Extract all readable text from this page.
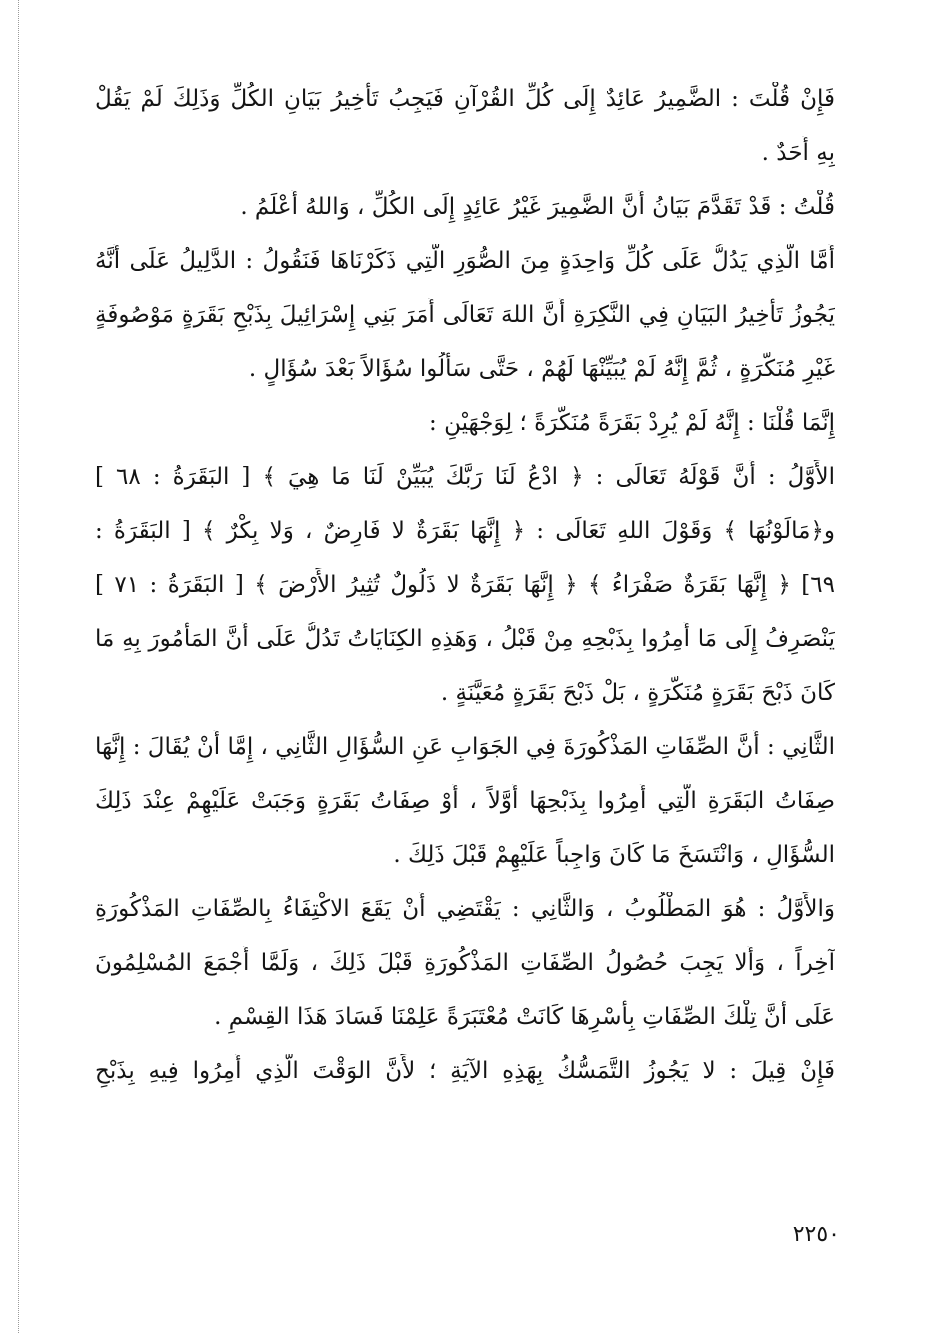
فَإِنْ قُلْتَ : الضَّمِيرُ عَائِدٌ إِلَى كُلِّ القُرْآنِ فَيَجِبُ تَأْخِيرُ بَيَانِ الكُلِّ وَذَلِكَ لَمْ يَقُلْ
بِهِ أَحَدٌ .
قُلْتُ : قَدْ تَقَدَّمَ بَيَانُ أَنَّ الضَّمِيرَ غَيْرُ عَائِدٍ إِلَى الكُلِّ ، وَاللهُ أَعْلَمُ .
أَمَّا الَّذِي يَدُلُّ عَلَى كُلِّ وَاحِدَةٍ مِنَ الصُّوَرِ الَّتِي ذَكَرْنَاهَا فَنَقُولُ : الدَّلِيلُ عَلَى أَنَّهُ
يَجُوزُ تَأْخِيرُ البَيَانِ فِي النَّكِرَةِ أَنَّ اللهَ تَعَالَى أَمَرَ بَنِي إِسْرَائِيلَ بِذَبْحِ بَقَرَةٍ مَوْصُوفَةٍ
غَيْرِ مُنَكَّرَةٍ ، ثُمَّ إِنَّهُ لَمْ يُبَيِّنْهَا لَهُمْ ، حَتَّى سَأَلُوا سُؤَالاً بَعْدَ سُؤَالٍ .
إِنَّمَا قُلْنَا : إِنَّهُ لَمْ يُرِدْ بَقَرَةً مُنَكَّرَةً ؛ لِوَجْهَيْنِ :
الأَوَّلُ : أَنَّ قَوْلَهُ تَعَالَى : ﴿ ادْعُ لَنَا رَبَّكَ يُبَيِّنْ لَنَا مَا هِيَ ﴾ [ البَقَرَةُ : ٦٨ ]
و﴿مَالَوْنُهَا ﴾ وَقَوْلَ اللهِ تَعَالَى : ﴿ إِنَّهَا بَقَرَةٌ لا فَارِضٌ ، وَلا بِكْرٌ ﴾ [ البَقَرَةُ :
٦٩] ﴿ إِنَّهَا بَقَرَةٌ صَفْرَاءُ ﴾ ﴿ إِنَّهَا بَقَرَةٌ لا ذَلُولٌ تُثِيرُ الأَرْضَ ﴾ [ البَقَرَةُ : ٧١ ]
يَنْصَرِفُ إِلَى مَا أُمِرُوا بِذَبْحِهِ مِنْ قَبْلُ ، وَهَذِهِ الكِنَايَاتُ تَدُلُّ عَلَى أَنَّ المَأْمُورَ بِهِ مَا
كَانَ ذَبْحَ بَقَرَةٍ مُنَكَّرَةٍ ، بَلْ ذَبْحَ بَقَرَةٍ مُعَيَّنَةٍ .
الثَّانِي : أَنَّ الصِّفَاتِ المَذْكُورَةَ فِي الجَوَابِ عَنِ السُّؤَالِ الثَّانِي ، إِمَّا أَنْ يُقَالَ : إِنَّهَا
صِفَاتُ البَقَرَةِ الَّتِي أُمِرُوا بِذَبْحِهَا أَوَّلاً ، أَوْ صِفَاتُ بَقَرَةٍ وَجَبَتْ عَلَيْهِمْ عِنْدَ ذَلِكَ
السُّؤَالِ ، وَانْتَسَخَ مَا كَانَ وَاجِباً عَلَيْهِمْ قَبْلَ ذَلِكَ .
وَالأَوَّلُ : هُوَ المَطْلُوبُ ، وَالثَّانِي : يَقْتَضِي أَنْ يَقَعَ الاكْتِفَاءُ بِالصِّفَاتِ المَذْكُورَةِ
آخِراً ، وَأَلا يَجِبَ حُصُولُ الصِّفَاتِ المَذْكُورَةِ قَبْلَ ذَلِكَ ، وَلَمَّا أَجْمَعَ المُسْلِمُونَ
عَلَى أَنَّ تِلْكَ الصِّفَاتِ بِأَسْرِهَا كَانَتْ مُعْتَبَرَةً عَلِمْنَا فَسَادَ هَذَا القِسْمِ .
فَإِنْ قِيلَ : لا يَجُوزُ التَّمَسُّكُ بِهَذِهِ الآيَةِ ؛ لأَنَّ الوَقْتَ الَّذِي أُمِرُوا فِيهِ بِذَبْحِ
٢٢٥٠
